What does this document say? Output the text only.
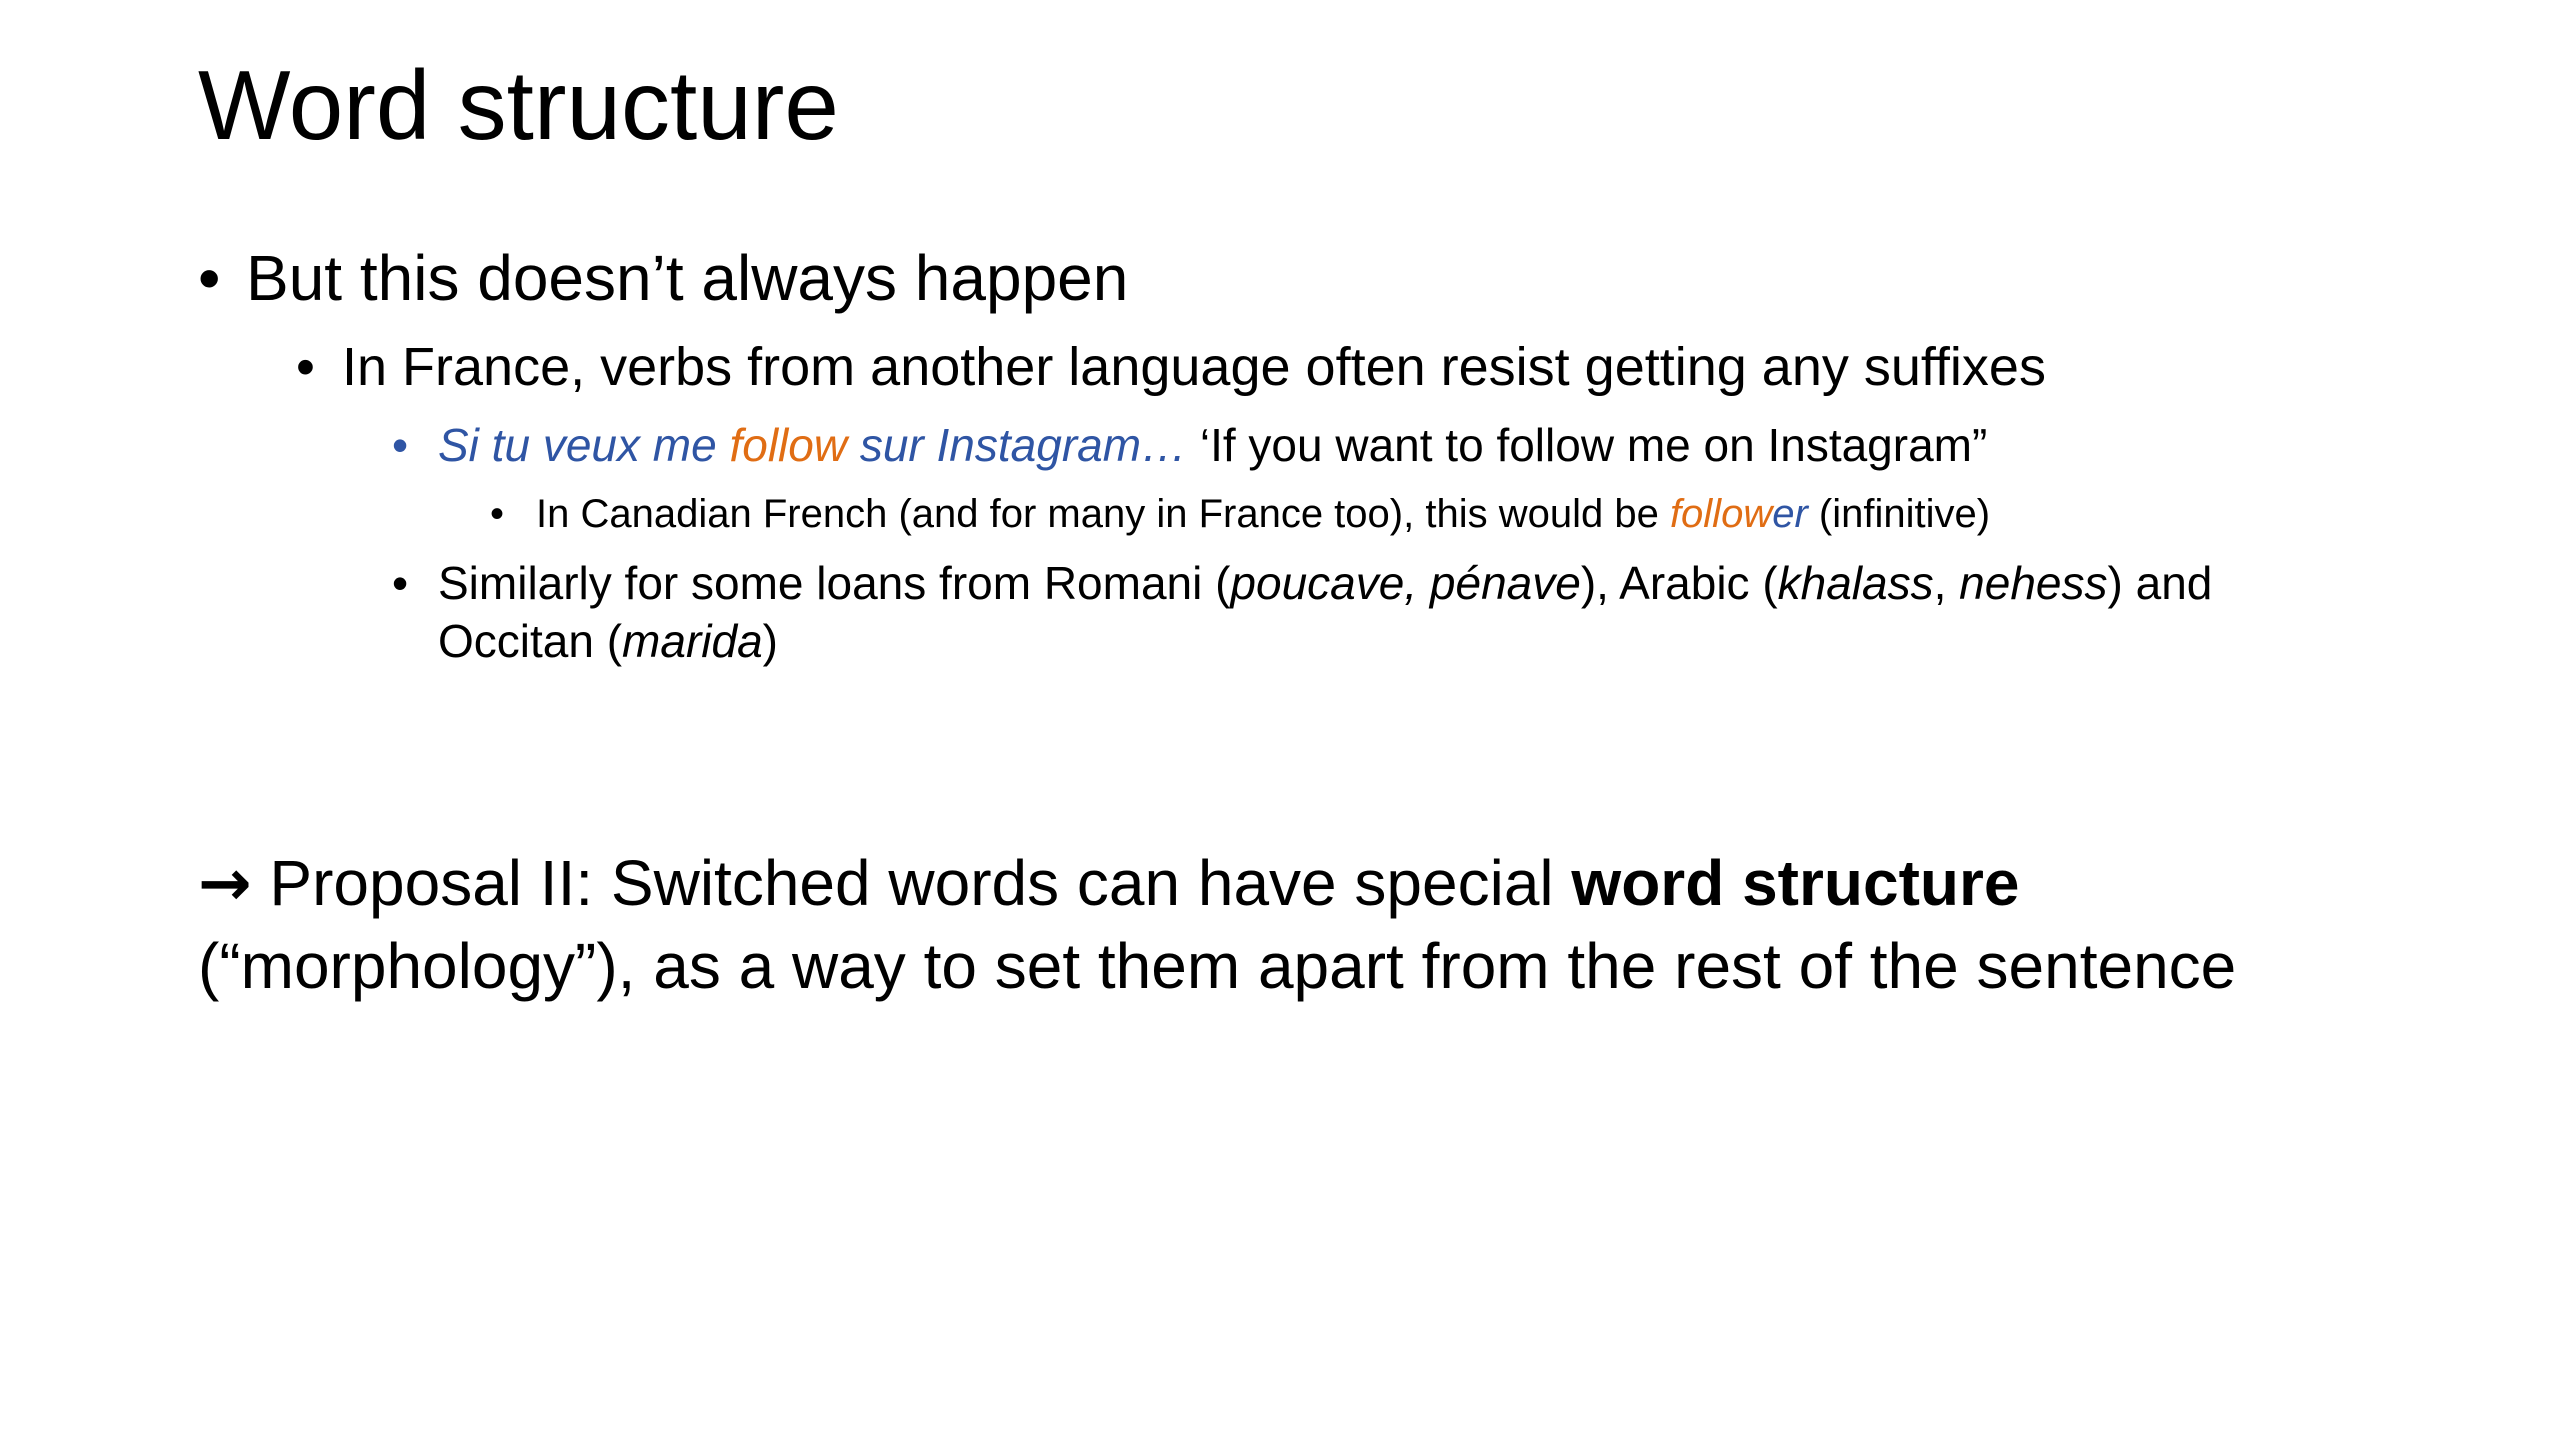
Word structure
• But this doesn’t always happen
• In France, verbs from another language often resist getting any suffixes
• Si tu veux me follow sur Instagram… ‘If you want to follow me on Instagram”
• In Canadian French (and for many in France too), this would be follower (infinitive)
• Similarly for some loans from Romani (poucave, pénave), Arabic (khalass, nehess) and
Occitan (marida)
→ Proposal II: Switched words can have special word structure (“morphology”), as a way to set them apart from the rest of the sentence
